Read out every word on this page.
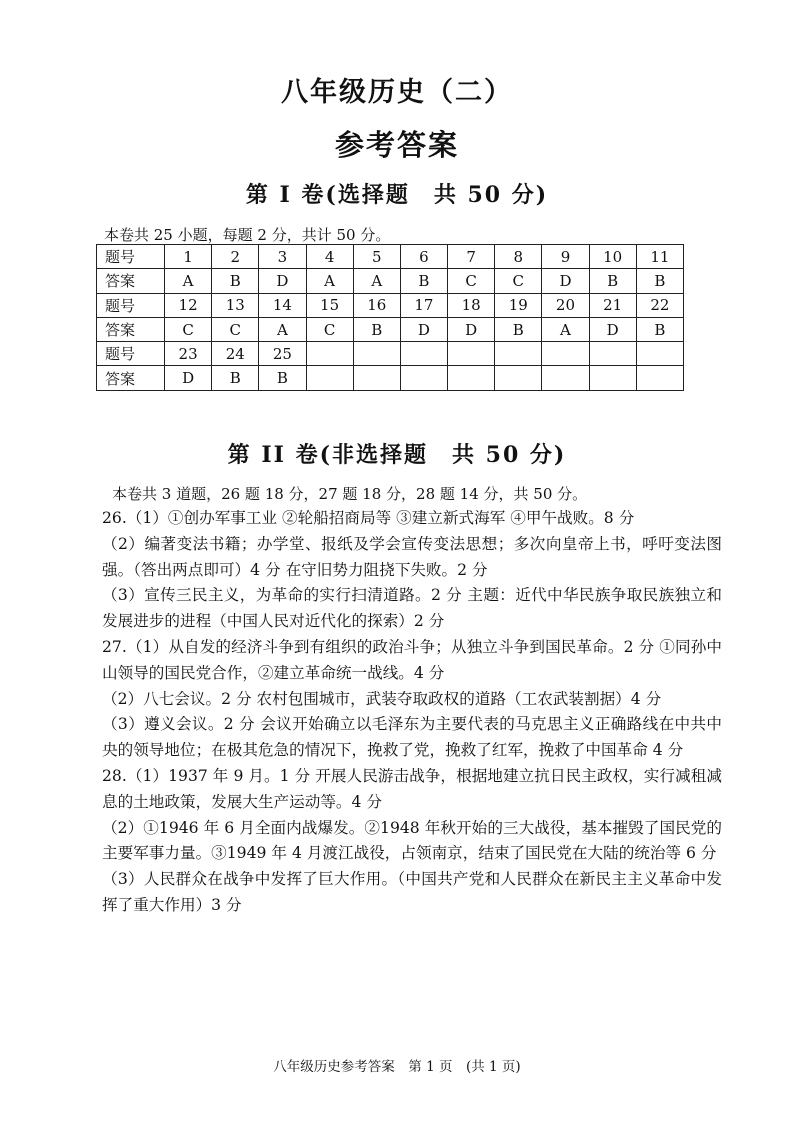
八年级历史（二）
参考答案
第 I 卷(选择题　共 50 分)
本卷共 25 小题，每题 2 分，共计 50 分。
题号	1	2	3	4	5	6	7	8	9	10	11
答案	A	B	D	A	A	B	C	C	D	B	B
题号	12	13	14	15	16	17	18	19	20	21	22
答案	C	C	A	C	B	D	D	B	A	D	B
题号	23	24	25								
答案	D	B	B								
第 II 卷(非选择题　共 50 分)
本卷共 3 道题，26 题 18 分，27 题 18 分，28 题 14 分，共 50 分。

26.（1）①创办军事工业 ②轮船招商局等 ③建立新式海军 ④甲午战败。8 分

（2）编著变法书籍；办学堂、报纸及学会宣传变法思想；多次向皇帝上书，呼吁变法图强。（答出两点即可）4 分 在守旧势力阻挠下失败。2 分

（3）宣传三民主义，为革命的实行扫清道路。2 分 主题：近代中华民族争取民族独立和发展进步的进程（中国人民对近代化的探索）2 分

27.（1）从自发的经济斗争到有组织的政治斗争；从独立斗争到国民革命。2 分 ①同孙中山领导的国民党合作，②建立革命统一战线。4 分

（2）八七会议。2 分 农村包围城市，武装夺取政权的道路（工农武装割据）4 分

（3）遵义会议。2 分 会议开始确立以毛泽东为主要代表的马克思主义正确路线在中共中央的领导地位；在极其危急的情况下，挽救了党，挽救了红军，挽救了中国革命 4 分

28.（1）1937 年 9 月。1 分 开展人民游击战争，根据地建立抗日民主政权，实行减租减息的土地政策，发展大生产运动等。4 分

（2）①1946 年 6 月全面内战爆发。②1948 年秋开始的三大战役，基本摧毁了国民党的主要军事力量。③1949 年 4 月渡江战役，占领南京，结束了国民党在大陆的统治等 6 分

（3）人民群众在战争中发挥了巨大作用。（中国共产党和人民群众在新民主主义革命中发挥了重大作用）3 分

八年级历史参考答案　第 1 页　(共 1 页)
